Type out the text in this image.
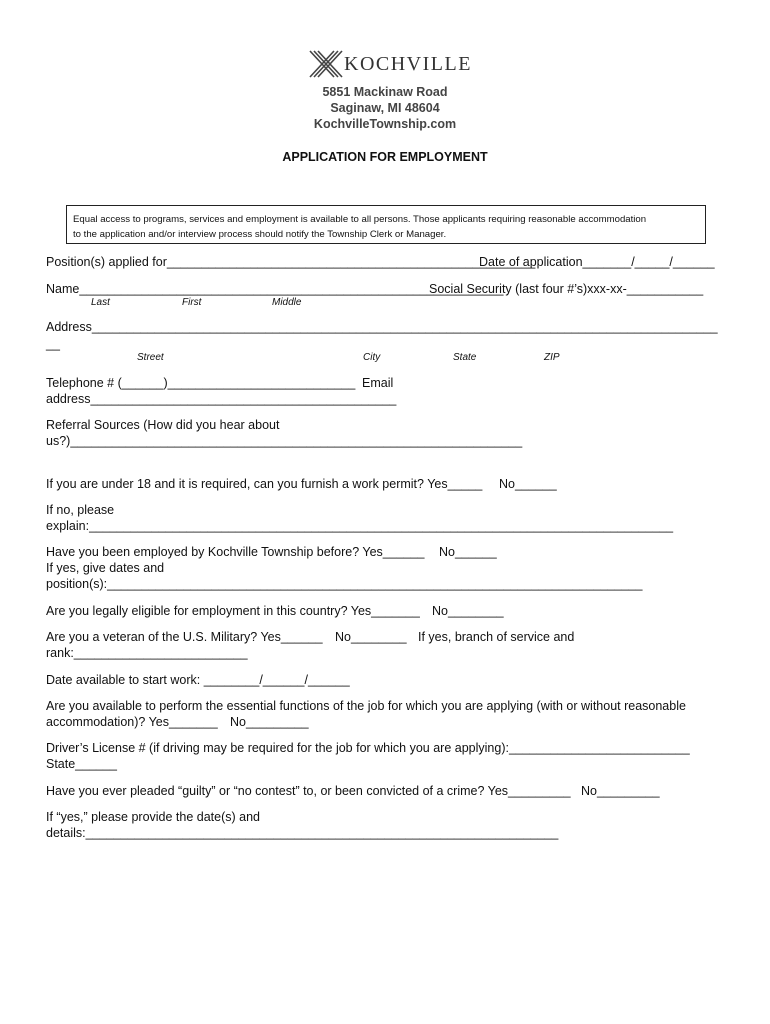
KOCHVILLE
5851 Mackinaw Road
Saginaw, MI 48604
KochvilleTownship.com
APPLICATION FOR EMPLOYMENT
Equal access to programs, services and employment is available to all persons. Those applicants requiring reasonable accommodation
to the application and/or interview process should notify the Township Clerk or Manager.
Position(s) applied for_____________________________________________________
Date of application_______/_____/______
Name_____________________________________________________________
Social Security (last four #’s)xxx-xx-___________
Last	First	Middle
Address__________________________________________________________________________________________
__
Street	City	State	ZIP
Telephone # (______)___________________________ Email
address____________________________________________
Referral Sources (How did you hear about
us?)_________________________________________________________________
If you are under 18 and it is required, can you furnish a work permit? Yes_____ No______
If no, please
explain:____________________________________________________________________________________
Have you been employed by Kochville Township before? Yes______ No______
If yes, give dates and
position(s):_____________________________________________________________________________
Are you legally eligible for employment in this country? Yes_______ No________
Are you a veteran of the U.S. Military? Yes______ No________ If yes, branch of service and
rank:_________________________
Date available to start work: ________/______/______
Are you available to perform the essential functions of the job for which you are applying (with or without reasonable
accommodation)? Yes_______ No_________
Driver’s License # (if driving may be required for the job for which you are applying):__________________________
State______
Have you ever pleaded “guilty” or “no contest” to, or been convicted of a crime? Yes_________ No_________
If “yes,” please provide the date(s) and
details:____________________________________________________________________
